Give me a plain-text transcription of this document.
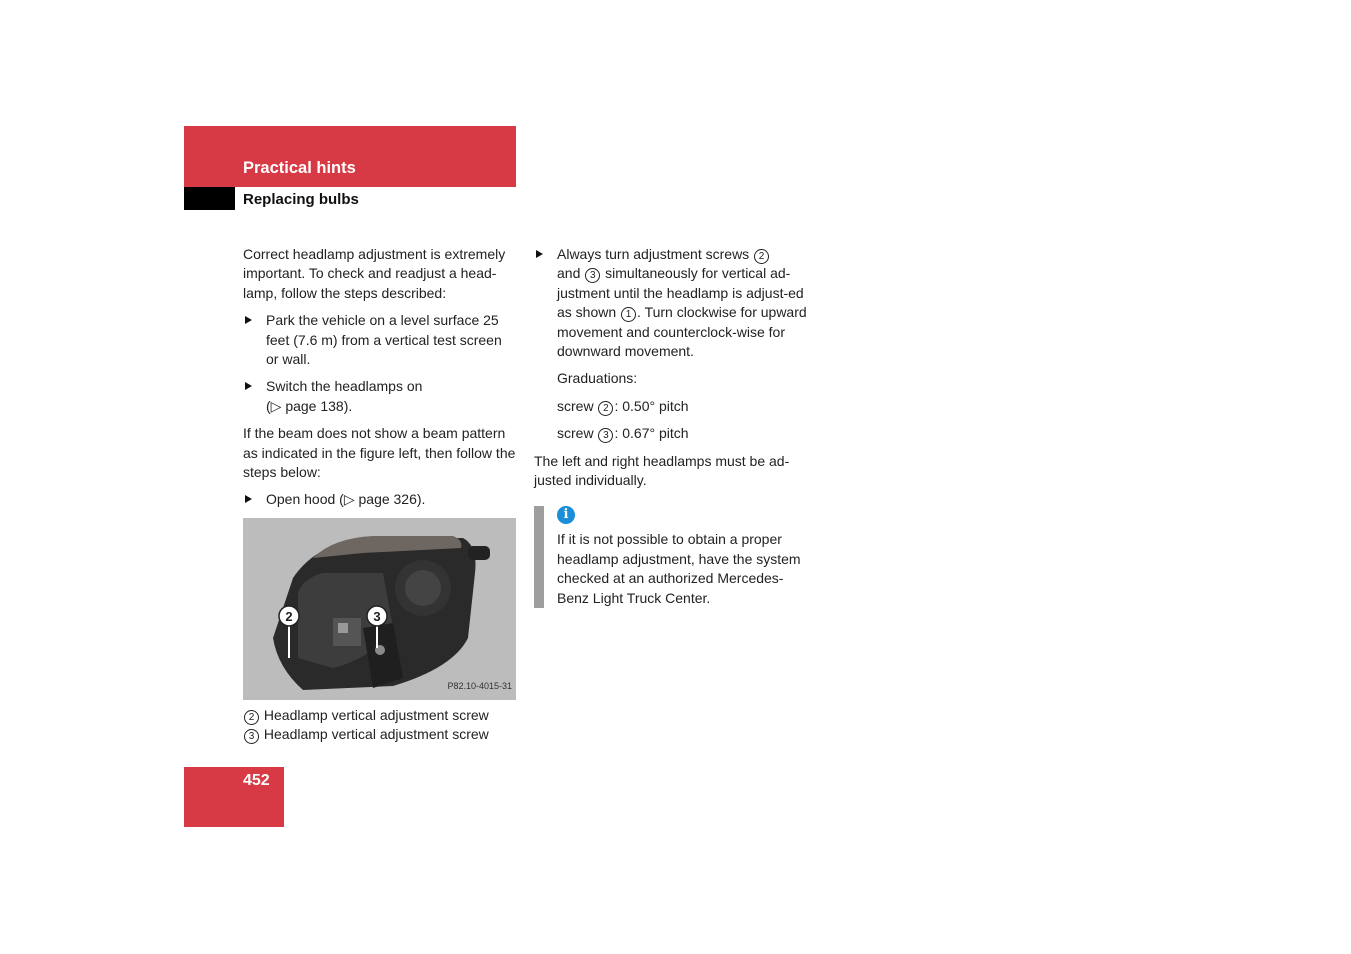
Practical hints
Replacing bulbs

Correct headlamp adjustment is extremely important. To check and readjust a head-lamp, follow the steps described:

Park the vehicle on a level surface 25 feet (7.6 m) from a vertical test screen or wall.
Switch the headlamps on
(▷ page 138).

If the beam does not show a beam pattern as indicated in the figure left, then follow the steps below:

Open hood (▷ page 326).
2	3
P82.10-4015-31
2 Headlamp vertical adjustment screw
3 Headlamp vertical adjustment screw
Always turn adjustment screws 2
and 3 simultaneously for vertical ad-justment until the headlamp is adjust-ed as shown 1 . Turn clockwise for upward movement and counterclock-wise for downward movement.

Graduations:

screw 2 : 0.50° pitch

screw 3 : 0.67° pitch

The left and right headlamps must be ad-justed individually.

i
If it is not possible to obtain a proper headlamp adjustment, have the system checked at an authorized Mercedes-Benz Light Truck Center.
452
